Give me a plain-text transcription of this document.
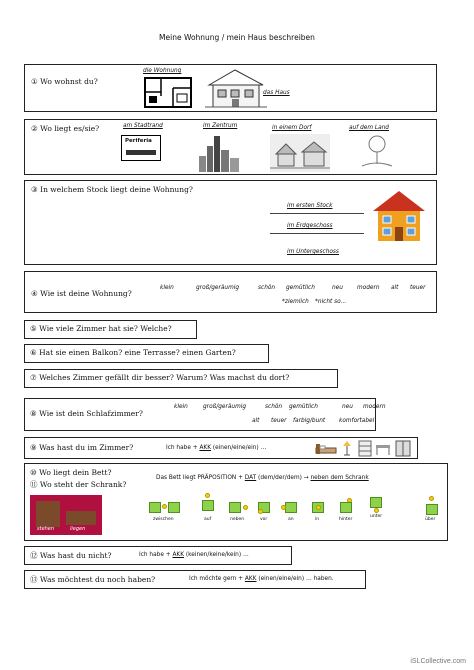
Meine Wohnung / mein Haus beschreiben
① Wo wohnst du?
die Wohnung
das Haus
② Wo liegt es/sie?	am Stadtrand	im Zentrum	in einem Dorf	auf dem Land
Periferia
③ In welchem Stock liegt deine Wohnung?
im ersten Stock
im Erdgeschoss
im Untergeschoss
④ Wie ist deine Wohnung?
klein	groß/geräumig	schön gemütlich	neu modern alt teuer
*ziemlich *nicht so...
⑤ Wie viele Zimmer hat sie? Welche?
⑥ Hat sie einen Balkon? eine Terrasse? einen Garten?
⑦ Welches Zimmer gefällt dir besser? Warum? Was machst du dort?
⑧ Wie ist dein Schlafzimmer?
klein	groß/geräumig	schön gemütlich	neu modern
alt teuer farbig/bunt komfortabel
⑨ Was hast du im Zimmer?	Ich habe + AKK (einen/eine/ein) …
⑩ Wo liegt dein Bett?
⑪ Wo steht der Schrank?
Das Bett liegt PRÄPOSITION + DAT (dem/der/dem) → neben dem Schrank
stehen	liegen
zwischen	auf	neben	vor	an	in	hinter
unter
über
⑫ Was hast du nicht?	Ich habe + AKK (keinen/keine/kein) …
⑬ Was möchtest du noch haben?	Ich möchte gern + AKK (einen/eine/ein) … haben.
iSLCollective.com
